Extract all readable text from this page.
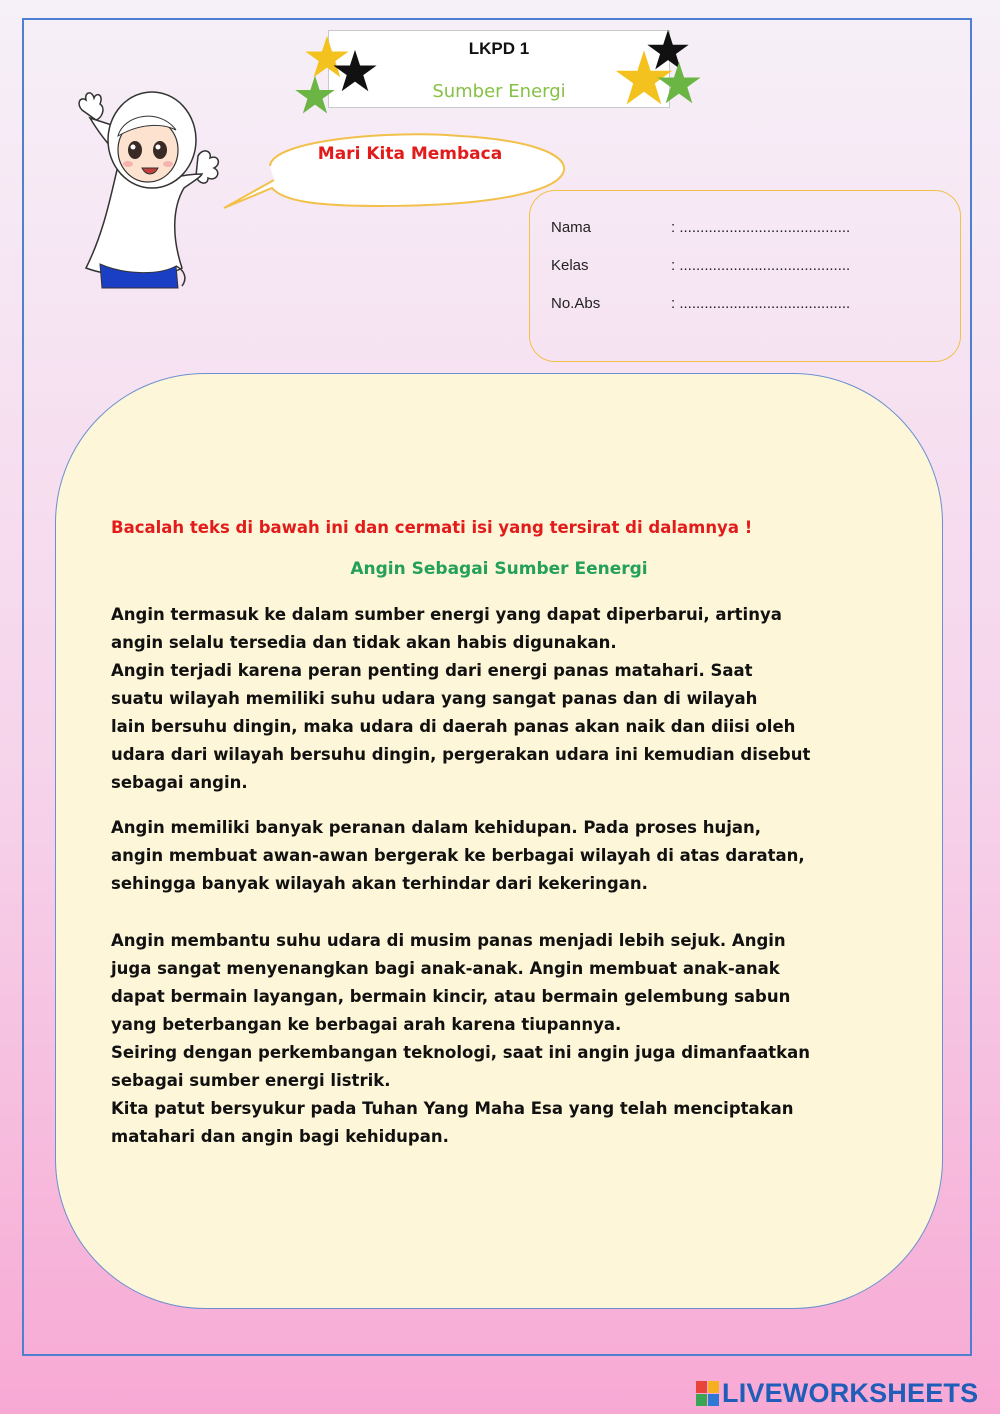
LKPD 1
Sumber Energi
Mari Kita Membaca
Nama	: .........................................
Kelas	: .........................................
No.Abs	: .........................................
Bacalah teks di bawah ini dan cermati isi yang tersirat di dalamnya !
Angin Sebagai Sumber Eenergi
Angin termasuk ke dalam sumber energi yang dapat diperbarui, artinya
angin selalu tersedia dan tidak akan habis digunakan.
Angin terjadi karena peran penting dari energi panas matahari. Saat
suatu wilayah memiliki suhu udara yang sangat panas dan di wilayah
lain bersuhu dingin, maka udara di daerah panas akan naik dan diisi oleh
udara dari wilayah bersuhu dingin, pergerakan udara ini kemudian disebut
sebagai angin.
Angin memiliki banyak peranan dalam kehidupan. Pada proses hujan,
angin membuat awan-awan bergerak ke berbagai wilayah di atas daratan,
sehingga banyak wilayah akan terhindar dari kekeringan.
Angin membantu suhu udara di musim panas menjadi lebih sejuk. Angin
juga sangat menyenangkan bagi anak-anak. Angin membuat anak-anak
dapat bermain layangan, bermain kincir, atau bermain gelembung sabun
yang beterbangan ke berbagai arah karena tiupannya.
Seiring dengan perkembangan teknologi, saat ini angin juga dimanfaatkan
sebagai sumber energi listrik.
Kita patut bersyukur pada Tuhan Yang Maha Esa yang telah menciptakan
matahari dan angin bagi kehidupan.
LIVEWORKSHEETS
